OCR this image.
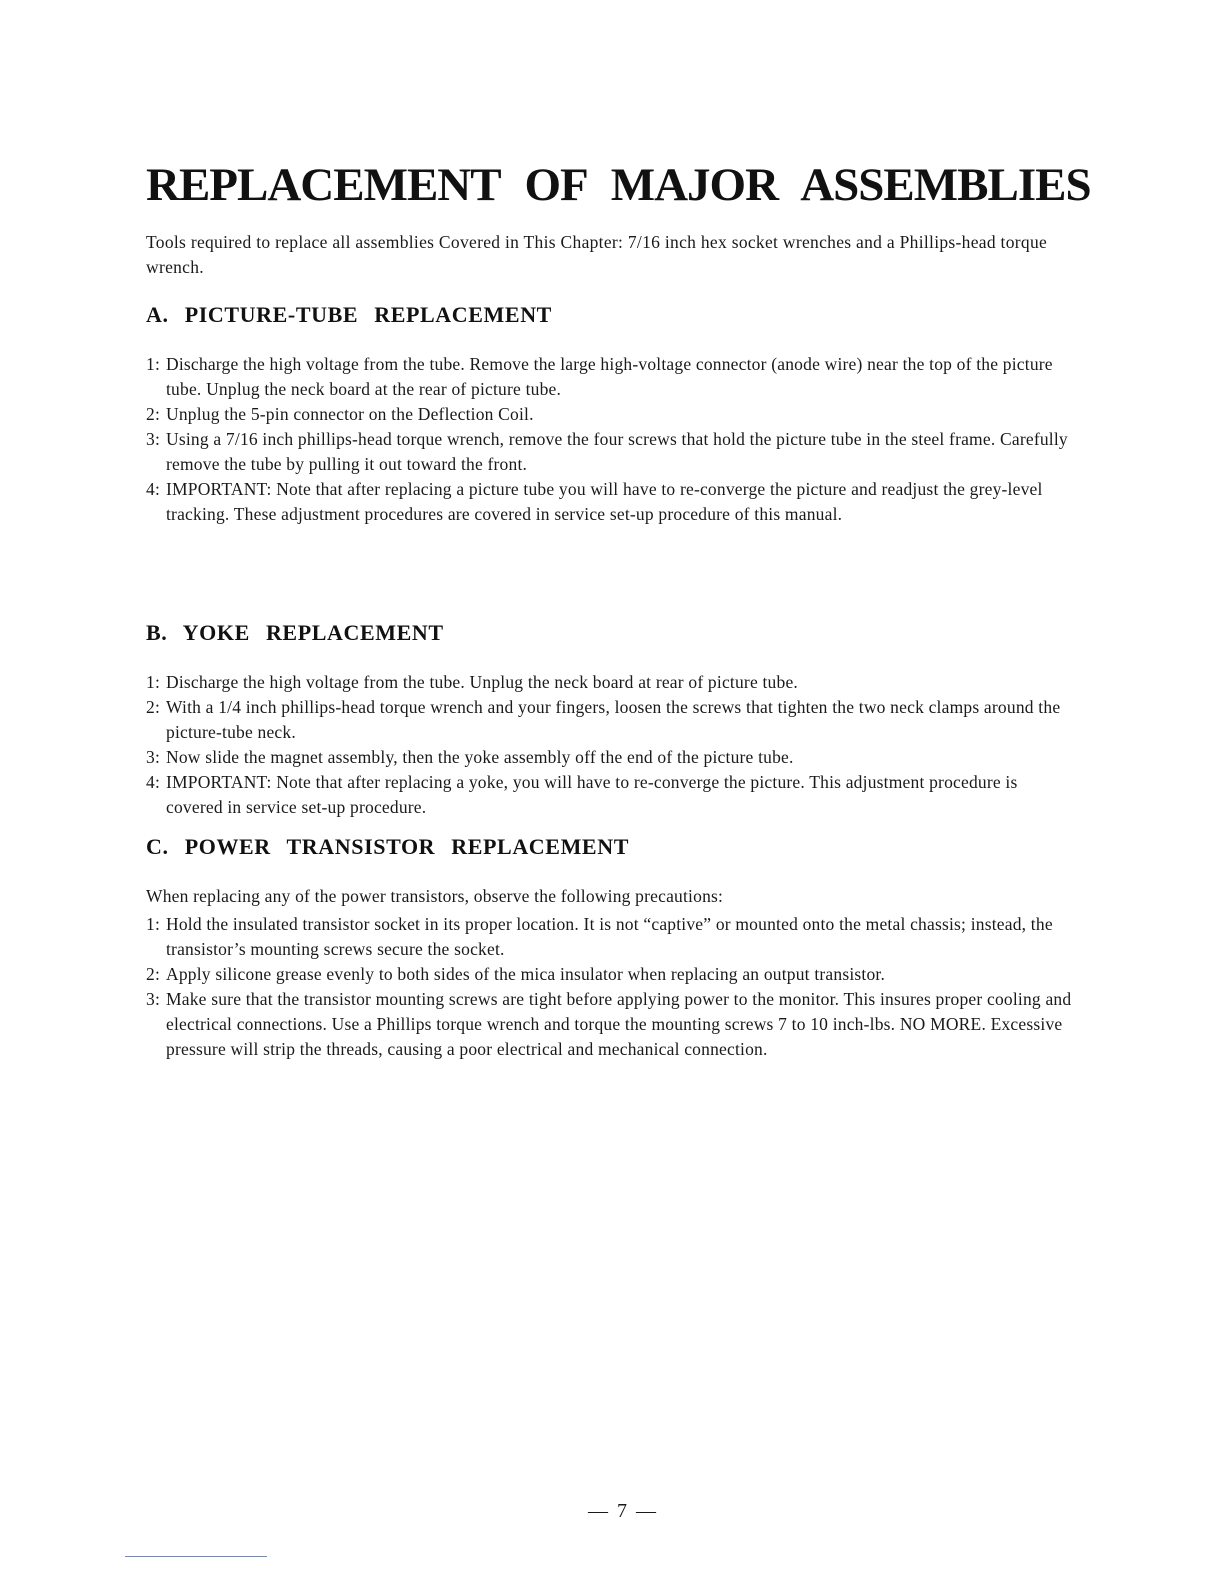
REPLACEMENT OF MAJOR ASSEMBLIES

Tools required to replace all assemblies Covered in This Chapter: 7/16 inch hex socket wrenches and a Phillips-head torque wrench.

A. PICTURE-TUBE REPLACEMENT
1: Discharge the high voltage from the tube. Remove the large high-voltage connector (anode wire) near the top of the picture tube. Unplug the neck board at the rear of picture tube.
2: Unplug the 5-pin connector on the Deflection Coil.
3: Using a 7/16 inch phillips-head torque wrench, remove the four screws that hold the picture tube in the steel frame. Carefully remove the tube by pulling it out toward the front.
4: IMPORTANT: Note that after replacing a picture tube you will have to re-converge the picture and readjust the grey-level tracking. These adjustment procedures are covered in service set-up procedure of this manual.
B. YOKE REPLACEMENT
1: Discharge the high voltage from the tube. Unplug the neck board at rear of picture tube.
2: With a 1/4 inch phillips-head torque wrench and your fingers, loosen the screws that tighten the two neck clamps around the picture-tube neck.
3: Now slide the magnet assembly, then the yoke assembly off the end of the picture tube.
4: IMPORTANT: Note that after replacing a yoke, you will have to re-converge the picture. This adjustment procedure is covered in service set-up procedure.
C. POWER TRANSISTOR REPLACEMENT

When replacing any of the power transistors, observe the following precautions:

1: Hold the insulated transistor socket in its proper location. It is not “captive” or mounted onto the metal chassis; instead, the transistor’s mounting screws secure the socket.
2: Apply silicone grease evenly to both sides of the mica insulator when replacing an output transistor.
3: Make sure that the transistor mounting screws are tight before applying power to the monitor. This insures proper cooling and electrical connections. Use a Phillips torque wrench and torque the mounting screws 7 to 10 inch-lbs. NO MORE. Excessive pressure will strip the threads, causing a poor electrical and mechanical connection.

— 7 —
